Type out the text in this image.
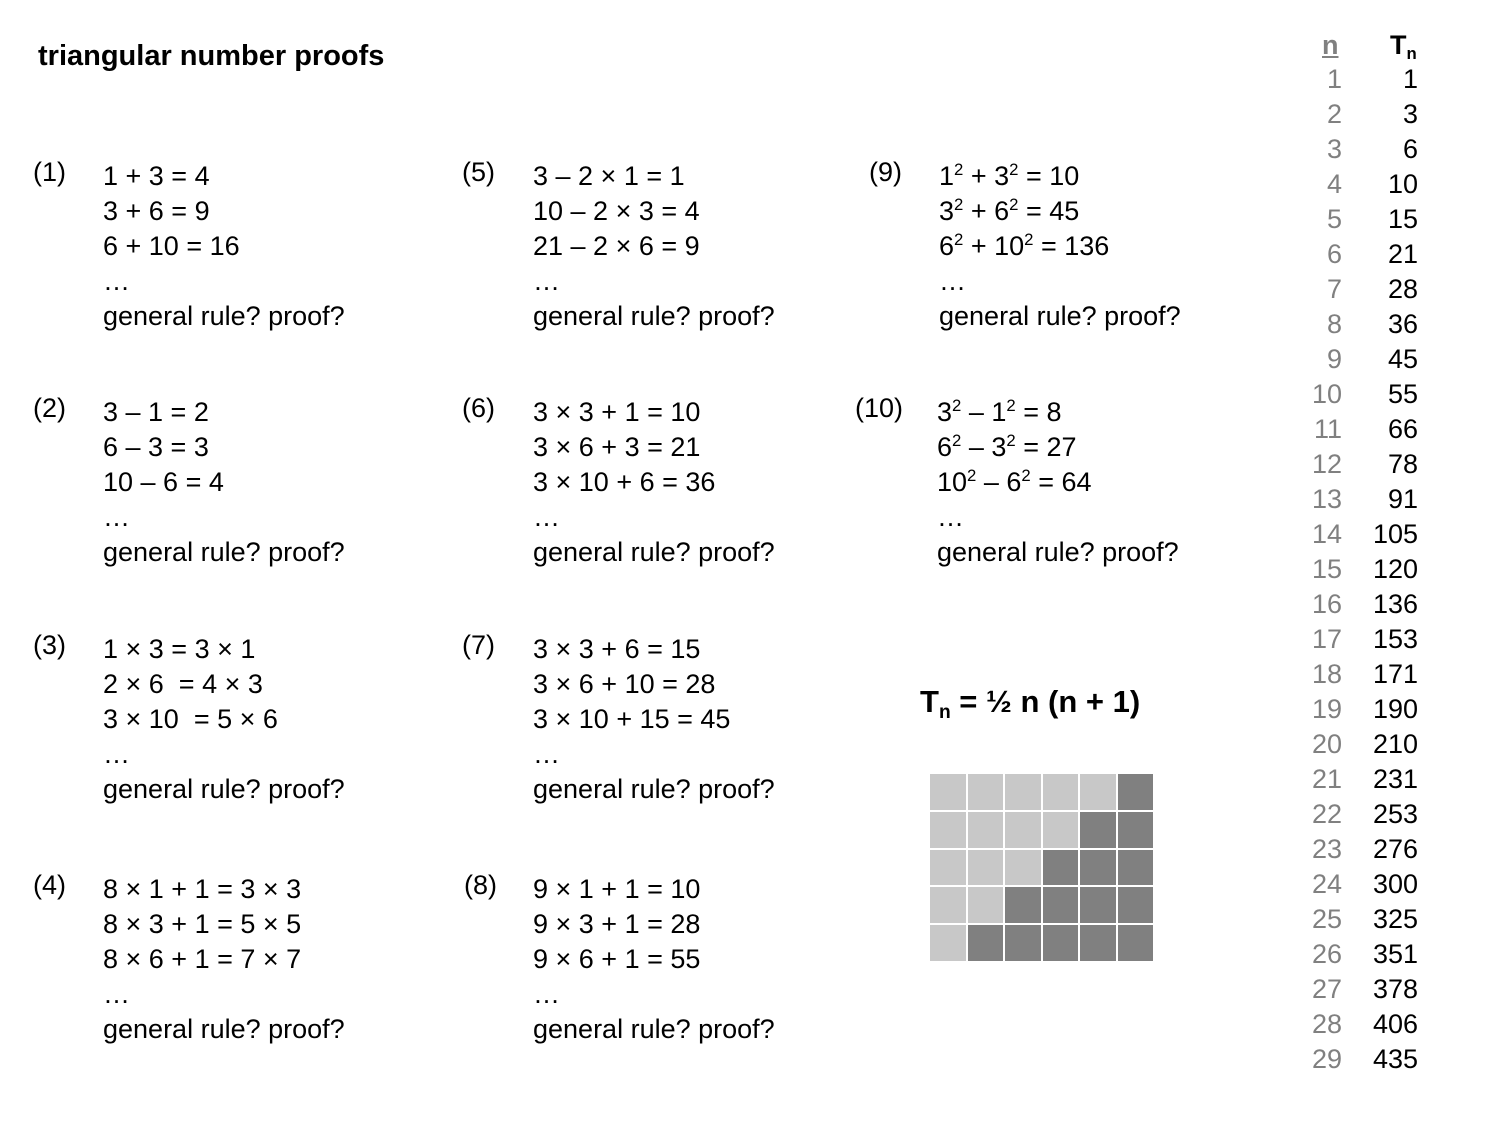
triangular number proofs
(1) 1 + 3 = 4
3 + 6 = 9
6 + 10 = 16
…
general rule? proof?
(2) 3 – 1 = 2
6 – 3 = 3
10 – 6 = 4
…
general rule? proof?
(3) 1 × 3 = 3 × 1
2 × 6  = 4 × 3
3 × 10  = 5 × 6
…
general rule? proof?
(4) 8 × 1 + 1 = 3 × 3
8 × 3 + 1 = 5 × 5
8 × 6 + 1 = 7 × 7
…
general rule? proof?
(5) 3 – 2 × 1 = 1
10 – 2 × 3 = 4
21 – 2 × 6 = 9
…
general rule? proof?
(6) 3 × 3 + 1 = 10
3 × 6 + 3 = 21
3 × 10 + 6 = 36
…
general rule? proof?
(7) 3 × 3 + 6 = 15
3 × 6 + 10 = 28
3 × 10 + 15 = 45
…
general rule? proof?
(8) 9 × 1 + 1 = 10
9 × 3 + 1 = 28
9 × 6 + 1 = 55
…
general rule? proof?
(9) $1^2 + 3^2 = 10$
$3^2 + 6^2 = 45$
$6^2 + 10^2 = 136$
…
general rule? proof?
(10) $3^2 - 1^2 = 8$
$6^2 - 3^2 = 27$
$10^2 - 6^2 = 64$
…
general rule? proof?
Tn = ½ n (n + 1)
n Tn
1	1
2	3
3	6
4	10
5	15
6	21
7	28
8	36
9	45
10	55
11	66
12	78
13	91
14	105
15	120
16	136
17	153
18	171
19	190
20	210
21	231
22	253
23	276
24	300
25	325
26	351
27	378
28	406
29	435
